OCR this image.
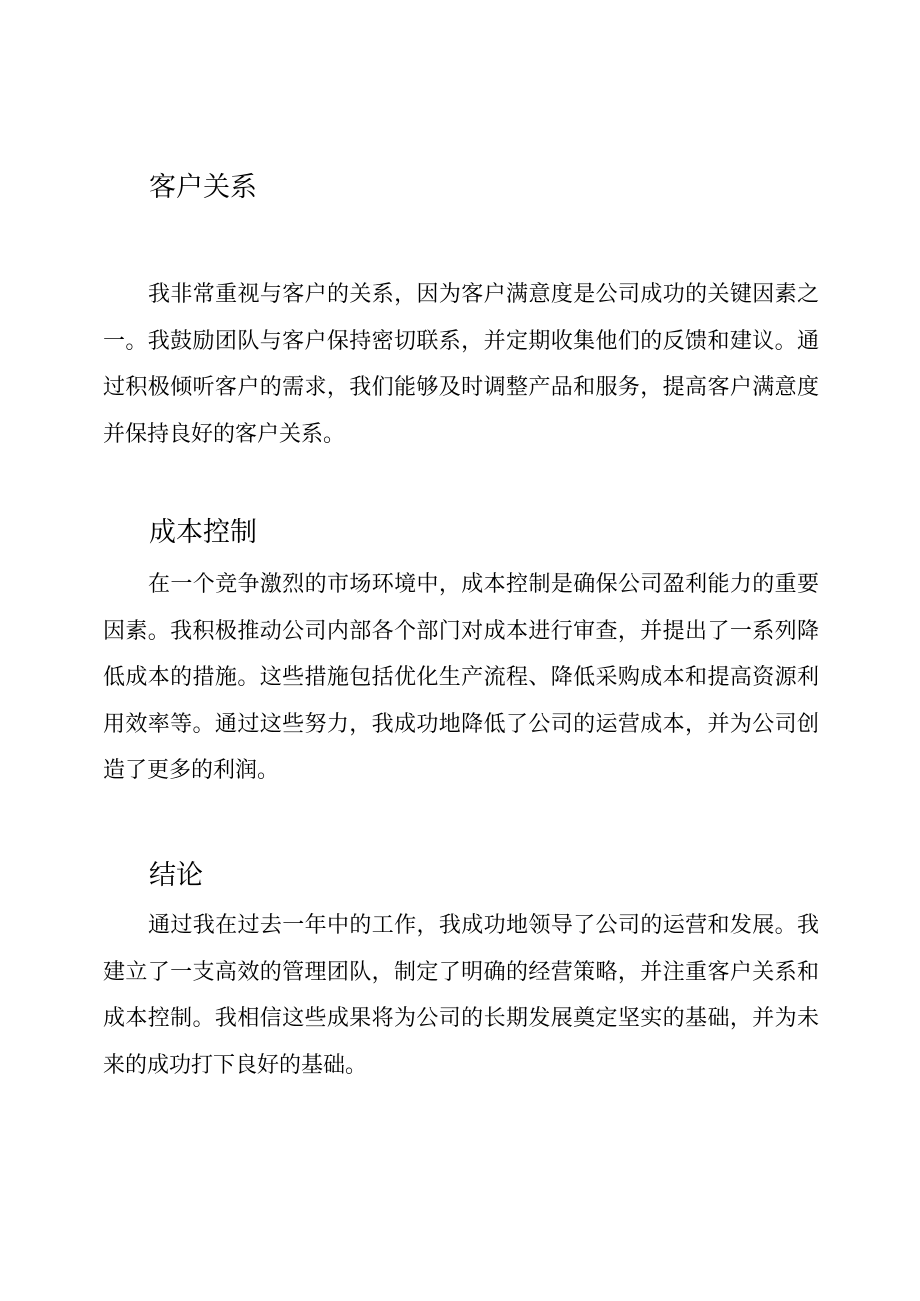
客户关系

我非常重视与客户的关系，因为客户满意度是公司成功的关键因素之一。我鼓励团队与客户保持密切联系，并定期收集他们的反馈和建议。通过积极倾听客户的需求，我们能够及时调整产品和服务，提高客户满意度并保持良好的客户关系。

成本控制

在一个竞争激烈的市场环境中，成本控制是确保公司盈利能力的重要因素。我积极推动公司内部各个部门对成本进行审查，并提出了一系列降低成本的措施。这些措施包括优化生产流程、降低采购成本和提高资源利用效率等。通过这些努力，我成功地降低了公司的运营成本，并为公司创造了更多的利润。

结论

通过我在过去一年中的工作，我成功地领导了公司的运营和发展。我建立了一支高效的管理团队，制定了明确的经营策略，并注重客户关系和成本控制。我相信这些成果将为公司的长期发展奠定坚实的基础，并为未来的成功打下良好的基础。
